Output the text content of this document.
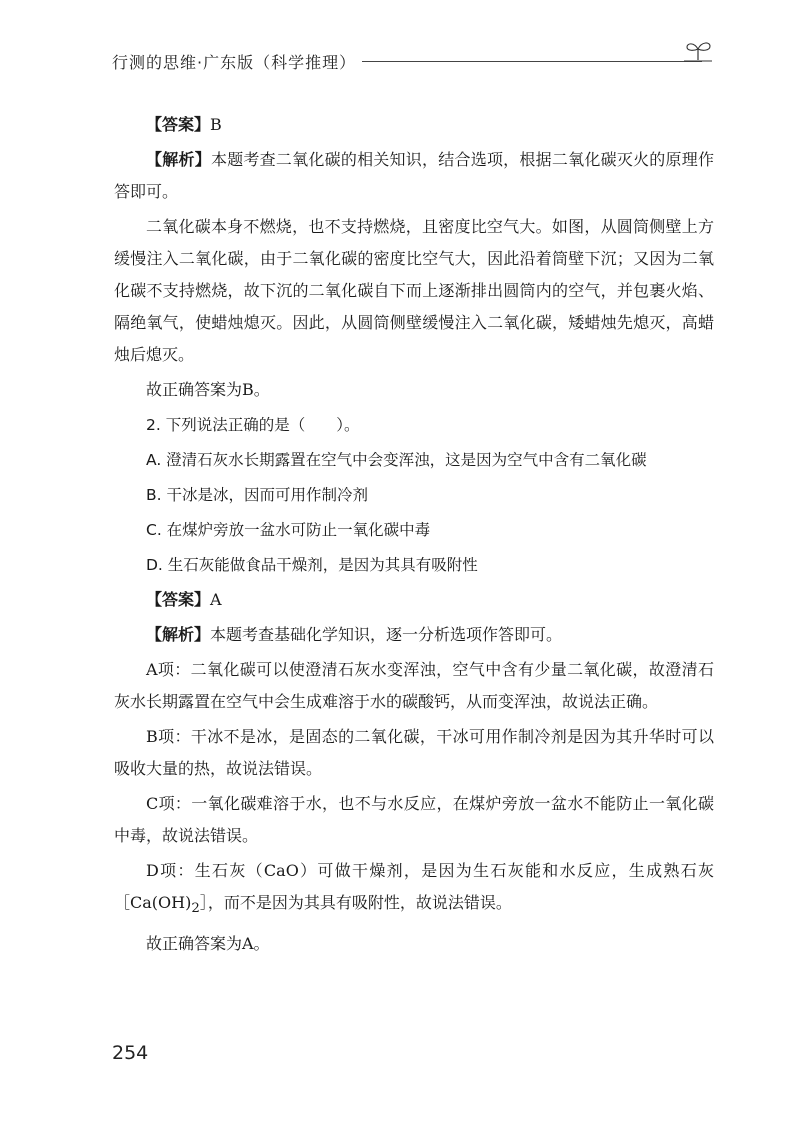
行测的思维·广东版（科学推理）

【答案】B

【解析】本题考查二氧化碳的相关知识，结合选项，根据二氧化碳灭火的原理作答即可。

二氧化碳本身不燃烧，也不支持燃烧，且密度比空气大。如图，从圆筒侧壁上方缓慢注入二氧化碳，由于二氧化碳的密度比空气大，因此沿着筒壁下沉；又因为二氧化碳不支持燃烧，故下沉的二氧化碳自下而上逐渐排出圆筒内的空气，并包裹火焰、隔绝氧气，使蜡烛熄灭。因此，从圆筒侧壁缓慢注入二氧化碳，矮蜡烛先熄灭，高蜡烛后熄灭。

故正确答案为B。

2. 下列说法正确的是（　　）。

A. 澄清石灰水长期露置在空气中会变浑浊，这是因为空气中含有二氧化碳

B. 干冰是冰，因而可用作制冷剂

C. 在煤炉旁放一盆水可防止一氧化碳中毒

D. 生石灰能做食品干燥剂，是因为其具有吸附性

【答案】A

【解析】本题考查基础化学知识，逐一分析选项作答即可。

A项：二氧化碳可以使澄清石灰水变浑浊，空气中含有少量二氧化碳，故澄清石灰水长期露置在空气中会生成难溶于水的碳酸钙，从而变浑浊，故说法正确。

B项：干冰不是冰，是固态的二氧化碳，干冰可用作制冷剂是因为其升华时可以吸收大量的热，故说法错误。

C项：一氧化碳难溶于水，也不与水反应，在煤炉旁放一盆水不能防止一氧化碳中毒，故说法错误。

D项：生石灰（CaO）可做干燥剂，是因为生石灰能和水反应，生成熟石灰$[Ca(OH)_2]$，而不是因为其具有吸附性，故说法错误。

故正确答案为A。

254
